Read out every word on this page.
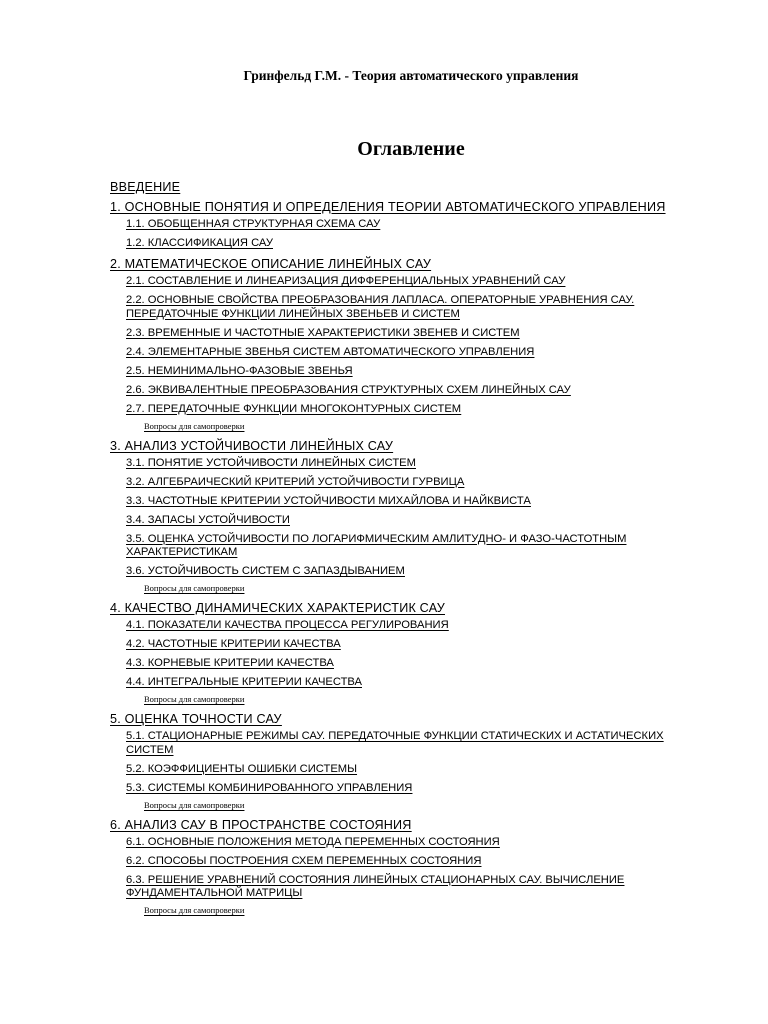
Гринфельд Г.М. - Теория автоматического управления
Оглавление
ВВЕДЕНИЕ
1. ОСНОВНЫЕ ПОНЯТИЯ И ОПРЕДЕЛЕНИЯ ТЕОРИИ АВТОМАТИЧЕСКОГО УПРАВЛЕНИЯ
1.1. ОБОБЩЕННАЯ СТРУКТУРНАЯ СХЕМА САУ
1.2. КЛАССИФИКАЦИЯ САУ
2. МАТЕМАТИЧЕСКОЕ ОПИСАНИЕ ЛИНЕЙНЫХ САУ
2.1. СОСТАВЛЕНИЕ И ЛИНЕАРИЗАЦИЯ ДИФФЕРЕНЦИАЛЬНЫХ УРАВНЕНИЙ САУ
2.2. ОСНОВНЫЕ СВОЙСТВА ПРЕОБРАЗОВАНИЯ ЛАПЛАСА. ОПЕРАТОРНЫЕ УРАВНЕНИЯ САУ. ПЕРЕДАТОЧНЫЕ ФУНКЦИИ ЛИНЕЙНЫХ ЗВЕНЬЕВ И СИСТЕМ
2.3. ВРЕМЕННЫЕ И ЧАСТОТНЫЕ ХАРАКТЕРИСТИКИ ЗВЕНЕВ И СИСТЕМ
2.4. ЭЛЕМЕНТАРНЫЕ ЗВЕНЬЯ СИСТЕМ АВТОМАТИЧЕСКОГО УПРАВЛЕНИЯ
2.5. НЕМИНИМАЛЬНО-ФАЗОВЫЕ ЗВЕНЬЯ
2.6. ЭКВИВАЛЕНТНЫЕ ПРЕОБРАЗОВАНИЯ СТРУКТУРНЫХ СХЕМ ЛИНЕЙНЫХ САУ
2.7. ПЕРЕДАТОЧНЫЕ ФУНКЦИИ МНОГОКОНТУРНЫХ СИСТЕМ
Вопросы для самопроверки
3. АНАЛИЗ УСТОЙЧИВОСТИ ЛИНЕЙНЫХ САУ
3.1. ПОНЯТИЕ УСТОЙЧИВОСТИ ЛИНЕЙНЫХ СИСТЕМ
3.2. АЛГЕБРАИЧЕСКИЙ КРИТЕРИЙ УСТОЙЧИВОСТИ ГУРВИЦА
3.3. ЧАСТОТНЫЕ КРИТЕРИИ УСТОЙЧИВОСТИ МИХАЙЛОВА И НАЙКВИСТА
3.4. ЗАПАСЫ УСТОЙЧИВОСТИ
3.5. ОЦЕНКА УСТОЙЧИВОСТИ ПО ЛОГАРИФМИЧЕСКИМ АМЛИТУДНО- И ФАЗО-ЧАСТОТНЫМ ХАРАКТЕРИСТИКАМ
3.6. УСТОЙЧИВОСТЬ СИСТЕМ С ЗАПАЗДЫВАНИЕМ
Вопросы для самопроверки
4. КАЧЕСТВО ДИНАМИЧЕСКИХ ХАРАКТЕРИСТИК САУ
4.1. ПОКАЗАТЕЛИ КАЧЕСТВА ПРОЦЕССА РЕГУЛИРОВАНИЯ
4.2. ЧАСТОТНЫЕ КРИТЕРИИ КАЧЕСТВА
4.3. КОРНЕВЫЕ КРИТЕРИИ КАЧЕСТВА
4.4. ИНТЕГРАЛЬНЫЕ КРИТЕРИИ КАЧЕСТВА
Вопросы для самопроверки
5. ОЦЕНКА ТОЧНОСТИ САУ
5.1. СТАЦИОНАРНЫЕ РЕЖИМЫ САУ. ПЕРЕДАТОЧНЫЕ ФУНКЦИИ СТАТИЧЕСКИХ И АСТАТИЧЕСКИХ СИСТЕМ
5.2. КОЭФФИЦИЕНТЫ ОШИБКИ СИСТЕМЫ
5.3. СИСТЕМЫ КОМБИНИРОВАННОГО УПРАВЛЕНИЯ
Вопросы для самопроверки
6. АНАЛИЗ САУ В ПРОСТРАНСТВЕ СОСТОЯНИЯ
6.1. ОСНОВНЫЕ ПОЛОЖЕНИЯ МЕТОДА ПЕРЕМЕННЫХ СОСТОЯНИЯ
6.2. СПОСОБЫ ПОСТРОЕНИЯ СХЕМ ПЕРЕМЕННЫХ СОСТОЯНИЯ
6.3. РЕШЕНИЕ УРАВНЕНИЙ СОСТОЯНИЯ ЛИНЕЙНЫХ СТАЦИОНАРНЫХ САУ. ВЫЧИСЛЕНИЕ ФУНДАМЕНТАЛЬНОЙ МАТРИЦЫ
Вопросы для самопроверки
